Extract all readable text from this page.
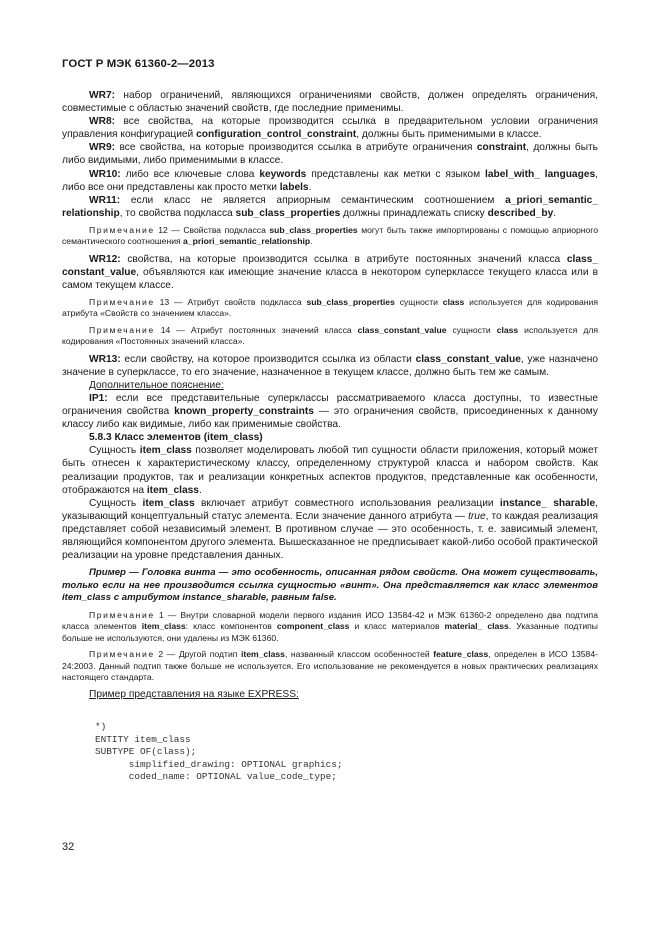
ГОСТ Р МЭК 61360-2—2013

WR7: набор ограничений, являющихся ограничениями свойств, должен определять ограничения, совместимые с областью значений свойств, где последние применимы.

WR8: все свойства, на которые производится ссылка в предварительном условии ограничения управления конфигурацией configuration_control_constraint, должны быть применимыми в классе.

WR9: все свойства, на которые производится ссылка в атрибуте ограничения constraint, должны быть либо видимыми, либо применимыми в классе.

WR10: либо все ключевые слова keywords представлены как метки с языком label_with_ languages, либо все они представлены как просто метки labels.

WR11: если класс не является априорным семантическим соотношением a_priori_semantic_ relationship, то свойства подкласса sub_class_properties должны принадлежать списку described_by.

Примечание 12 — Свойства подкласса sub_class_properties могут быть также импортированы с помощью априорного семантического соотношения a_priori_semantic_relationship.

WR12: свойства, на которые производится ссылка в атрибуте постоянных значений класса class_ constant_value, объявляются как имеющие значение класса в некотором суперклассе текущего класса или в самом текущем классе.

Примечание 13 — Атрибут свойств подкласса sub_class_properties сущности class используется для кодирования атрибута «Свойств со значением класса».

Примечание 14 — Атрибут постоянных значений класса class_constant_value сущности class используется для кодирования «Постоянных значений класса».

WR13: если свойству, на которое производится ссылка из области class_constant_value, уже назначено значение в суперклассе, то его значение, назначенное в текущем классе, должно быть тем же самым.

Дополнительное пояснение:

IP1: если все представительные суперклассы рассматриваемого класса доступны, то известные ограничения свойства known_property_constraints — это ограничения свойств, присоединенных к данному классу либо как видимые, либо как применимые свойства.

5.8.3 Класс элементов (item_class)

Сущность item_class позволяет моделировать любой тип сущности области приложения, который может быть отнесен к характеристическому классу, определенному структурой класса и набором свойств. Как реализации продуктов, так и реализации конкретных аспектов продуктов, представленные как особенности, отображаются на item_class.

Сущность item_class включает атрибут совместного использования реализации instance_ sharable, указывающий концептуальный статус элемента. Если значение данного атрибута — true, то каждая реализация представляет собой независимый элемент. В противном случае — это особенность, т. е. зависимый элемент, являющийся компонентом другого элемента. Вышесказанное не предписывает какой-либо особой практической реализации на уровне представления данных.

Пример — Головка винта — это особенность, описанная рядом свойств. Она может существовать, только если на нее производится ссылка сущностью «винт». Она представляется как класс элементов item_class с атрибутом instance_sharable, равным false.

Примечание 1 — Внутри словарной модели первого издания ИСО 13584-42 и МЭК 61360-2 определено два подтипа класса элементов item_class: класс компонентов component_class и класс материалов material_ class. Указанные подтипы больше не используются, они удалены из МЭК 61360.

Примечание 2 — Другой подтип item_class, названный классом особенностей feature_class, определен в ИСО 13584-24:2003. Данный подтип также больше не используется. Его использование не рекомендуется в новых практических реализациях настоящего стандарта.

Пример представления на языке EXPRESS:

*)
ENTITY item_class
SUBTYPE OF(class);
simplified_drawing: OPTIONAL graphics;
coded_name: OPTIONAL value_code_type;
32
